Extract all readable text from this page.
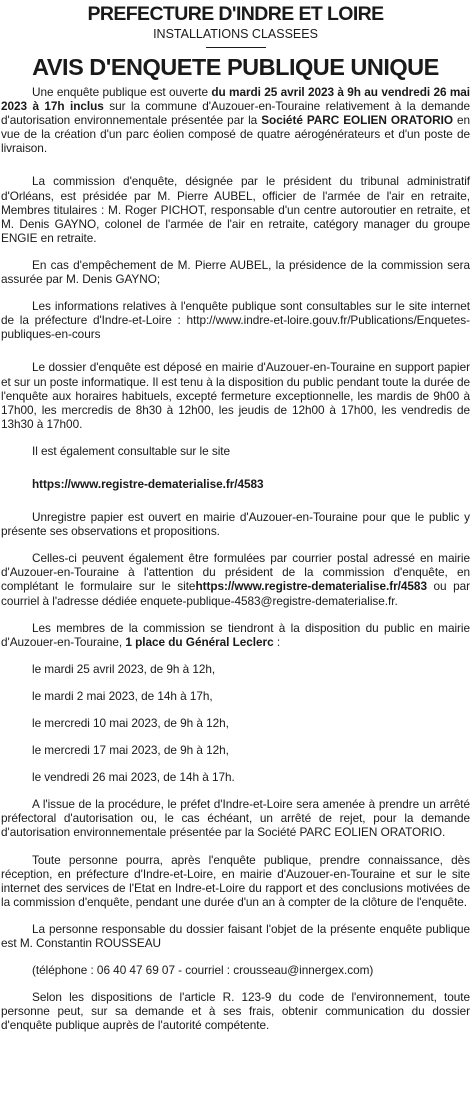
PREFECTURE D'INDRE ET LOIRE
INSTALLATIONS CLASSEES
AVIS D'ENQUETE PUBLIQUE UNIQUE

Une enquête publique est ouverte du mardi 25 avril 2023 à 9h au vendredi 26 mai 2023 à 17h inclus sur la commune d'Auzouer-en-Touraine relativement à la demande d'autorisation environnementale présentée par la Société PARC EOLIEN ORATORIO en vue de la création d'un parc éolien composé de quatre aérogénérateurs et d'un poste de livraison.

La commission d'enquête, désignée par le président du tribunal administratif d'Orléans, est présidée par M. Pierre AUBEL, officier de l'armée de l'air en retraite, Membres titulaires : M. Roger PICHOT, responsable d'un centre autoroutier en retraite, et M. Denis GAYNO, colonel de l'armée de l'air en retraite, catégory manager du groupe ENGIE en retraite.

En cas d'empêchement de M. Pierre AUBEL, la présidence de la commission sera assurée par M. Denis GAYNO;

Les informations relatives à l'enquête publique sont consultables sur le site internet de la préfecture d'Indre-et-Loire : http://www.indre-et-loire.gouv.fr/Publications/Enquetes-publiques-en-cours

Le dossier d'enquête est déposé en mairie d'Auzouer-en-Touraine en support papier et sur un poste informatique. Il est tenu à la disposition du public pendant toute la durée de l'enquête aux horaires habituels, excepté fermeture exceptionnelle, les mardis de 9h00 à 17h00, les mercredis de 8h30 à 12h00, les jeudis de 12h00 à 17h00, les vendredis de 13h30 à 17h00.

Il est également consultable sur le site

https://www.registre-dematerialise.fr/4583

Unregistre papier est ouvert en mairie d'Auzouer-en-Touraine pour que le public y présente ses observations et propositions.

Celles-ci peuvent également être formulées par courrier postal adressé en mairie d'Auzouer-en-Touraine à l'attention du président de la commission d'enquête, en complétant le formulaire sur le sitehttps://www.registre-dematerialise.fr/4583 ou par courriel à l'adresse dédiée enquete-publique-4583@registre-dematerialise.fr.

Les membres de la commission se tiendront à la disposition du public en mairie d'Auzouer-en-Touraine, 1 place du Général Leclerc :

le mardi 25 avril 2023, de 9h à 12h,

le mardi 2 mai 2023, de 14h à 17h,

le mercredi 10 mai 2023, de 9h à 12h,

le mercredi 17 mai 2023, de 9h à 12h,

le vendredi 26 mai 2023, de 14h à 17h.

A l'issue de la procédure, le préfet d'Indre-et-Loire sera amenée à prendre un arrêté préfectoral d'autorisation ou, le cas échéant, un arrêté de rejet, pour la demande d'autorisation environnementale présentée par la Société PARC EOLIEN ORATORIO.

Toute personne pourra, après l'enquête publique, prendre connaissance, dès réception, en préfecture d'Indre-et-Loire, en mairie d'Auzouer-en-Touraine et sur le site internet des services de l'Etat en Indre-et-Loire du rapport et des conclusions motivées de la commission d'enquête, pendant une durée d'un an à compter de la clôture de l'enquête.

La personne responsable du dossier faisant l'objet de la présente enquête publique est M. Constantin ROUSSEAU

(téléphone : 06 40 47 69 07 - courriel : crousseau@innergex.com)

Selon les dispositions de l'article R. 123-9 du code de l'environnement, toute personne peut, sur sa demande et à ses frais, obtenir communication du dossier d'enquête publique auprès de l'autorité compétente.
